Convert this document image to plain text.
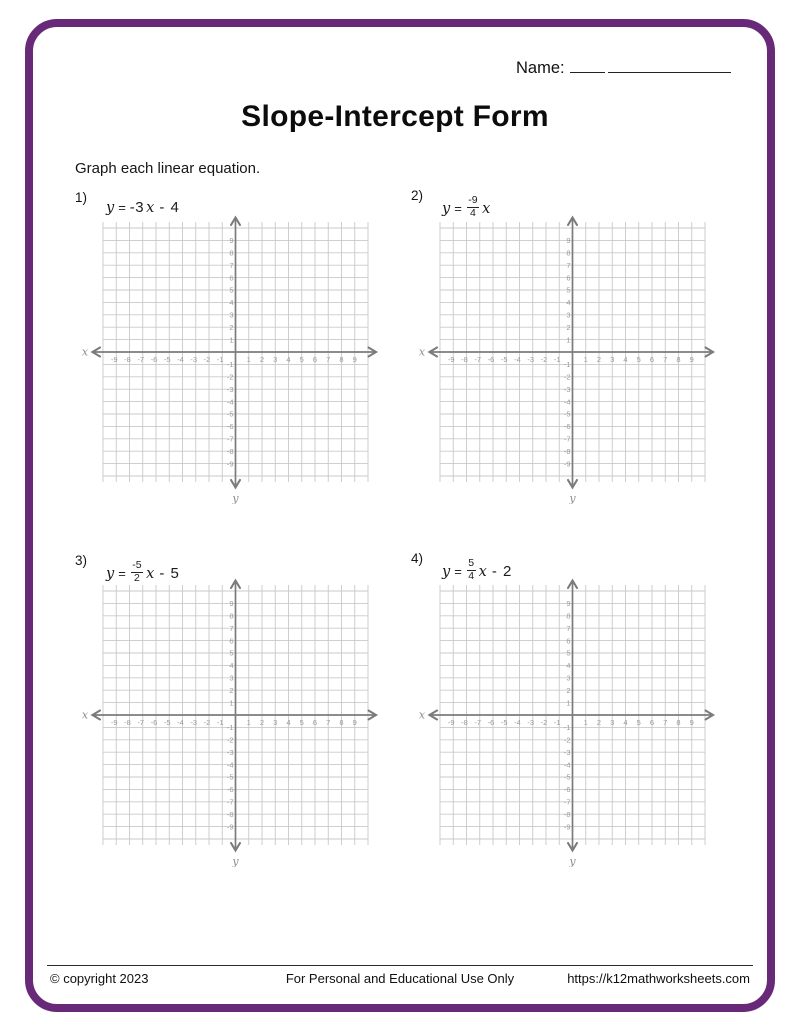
Name:
Slope-Intercept Form
Graph each linear equation.
1)	2)
3)	4)
y = -3 x - 4	$y = \frac{-9}{4}$ x
$y = \frac{-5}{2}$ x - 5	$y = \frac{5}{4}$ x - 2
-9 -8 -7 -6 -5 -4 -3 -2 -1	1 2 3 4 5 6 7 8 9
-9
-8
-7
-6
-5
-4
-3
-2
-1
1
2
3
4
5
6
7
8
9
x
y
-9 -8 -7 -6 -5 -4 -3 -2 -1	1 2 3 4 5 6 7 8 9
-9
-8
-7
-6
-5
-4
-3
-2
-1
1
2
3
4
5
6
7
8
9
x
y
-9 -8 -7 -6 -5 -4 -3 -2 -1	1 2 3 4 5 6 7 8 9
-9
-8
-7
-6
-5
-4
-3
-2
-1
1
2
3
4
5
6
7
8
9
x
y
-9 -8 -7 -6 -5 -4 -3 -2 -1	1 2 3 4 5 6 7 8 9
-9
-8
-7
-6
-5
-4
-3
-2
-1
1
2
3
4
5
6
7
8
9
x
y
© copyright 2023	For Personal and Educational Use Only	https://k12mathworksheets.com
